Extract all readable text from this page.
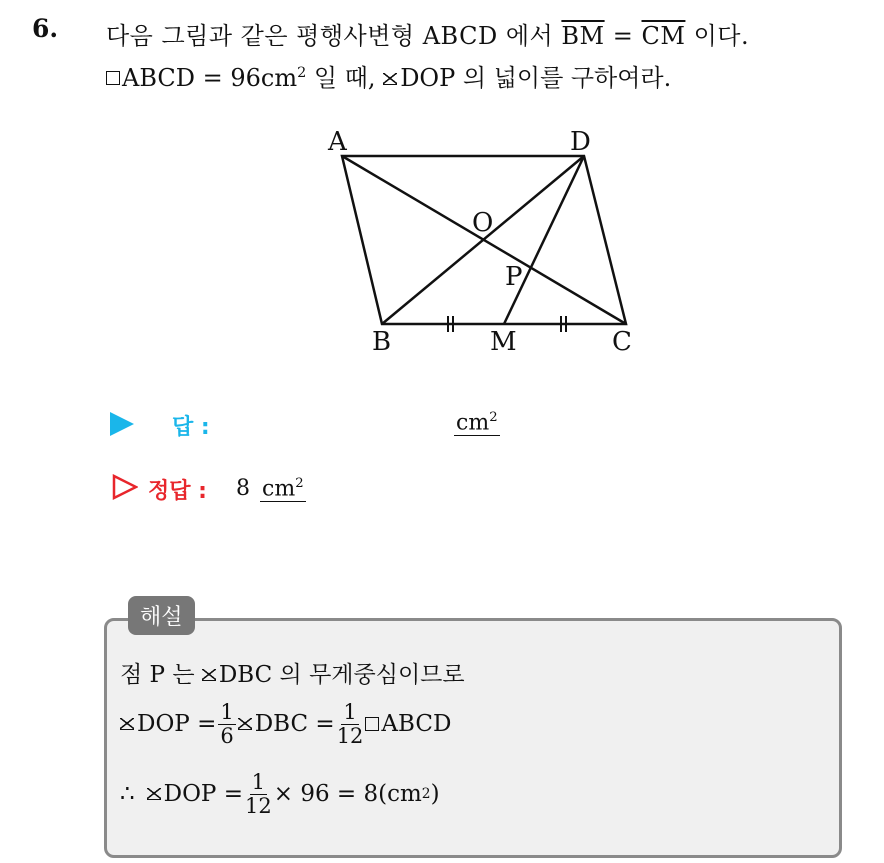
6. 다음 그림과 같은 평행사변형 ABCD 에서 $\overline{BM} = \overline{CM}$ 이다.
ABCD = $96cm^2$ 일 때, DOP 의 넓이를 구하여라.
A	D
O
P
B	M	C
답 :	$cm^2$
정답 : 8 $cm^2$
해설
점 P 는 DBC 의 무게중심이므로
DOP = $\frac{1}{6}$ DBC = $\frac{1}{12}$ ABCD
∴ DOP = $\frac{1}{12} \times 96 = 8(cm$ 2 )
